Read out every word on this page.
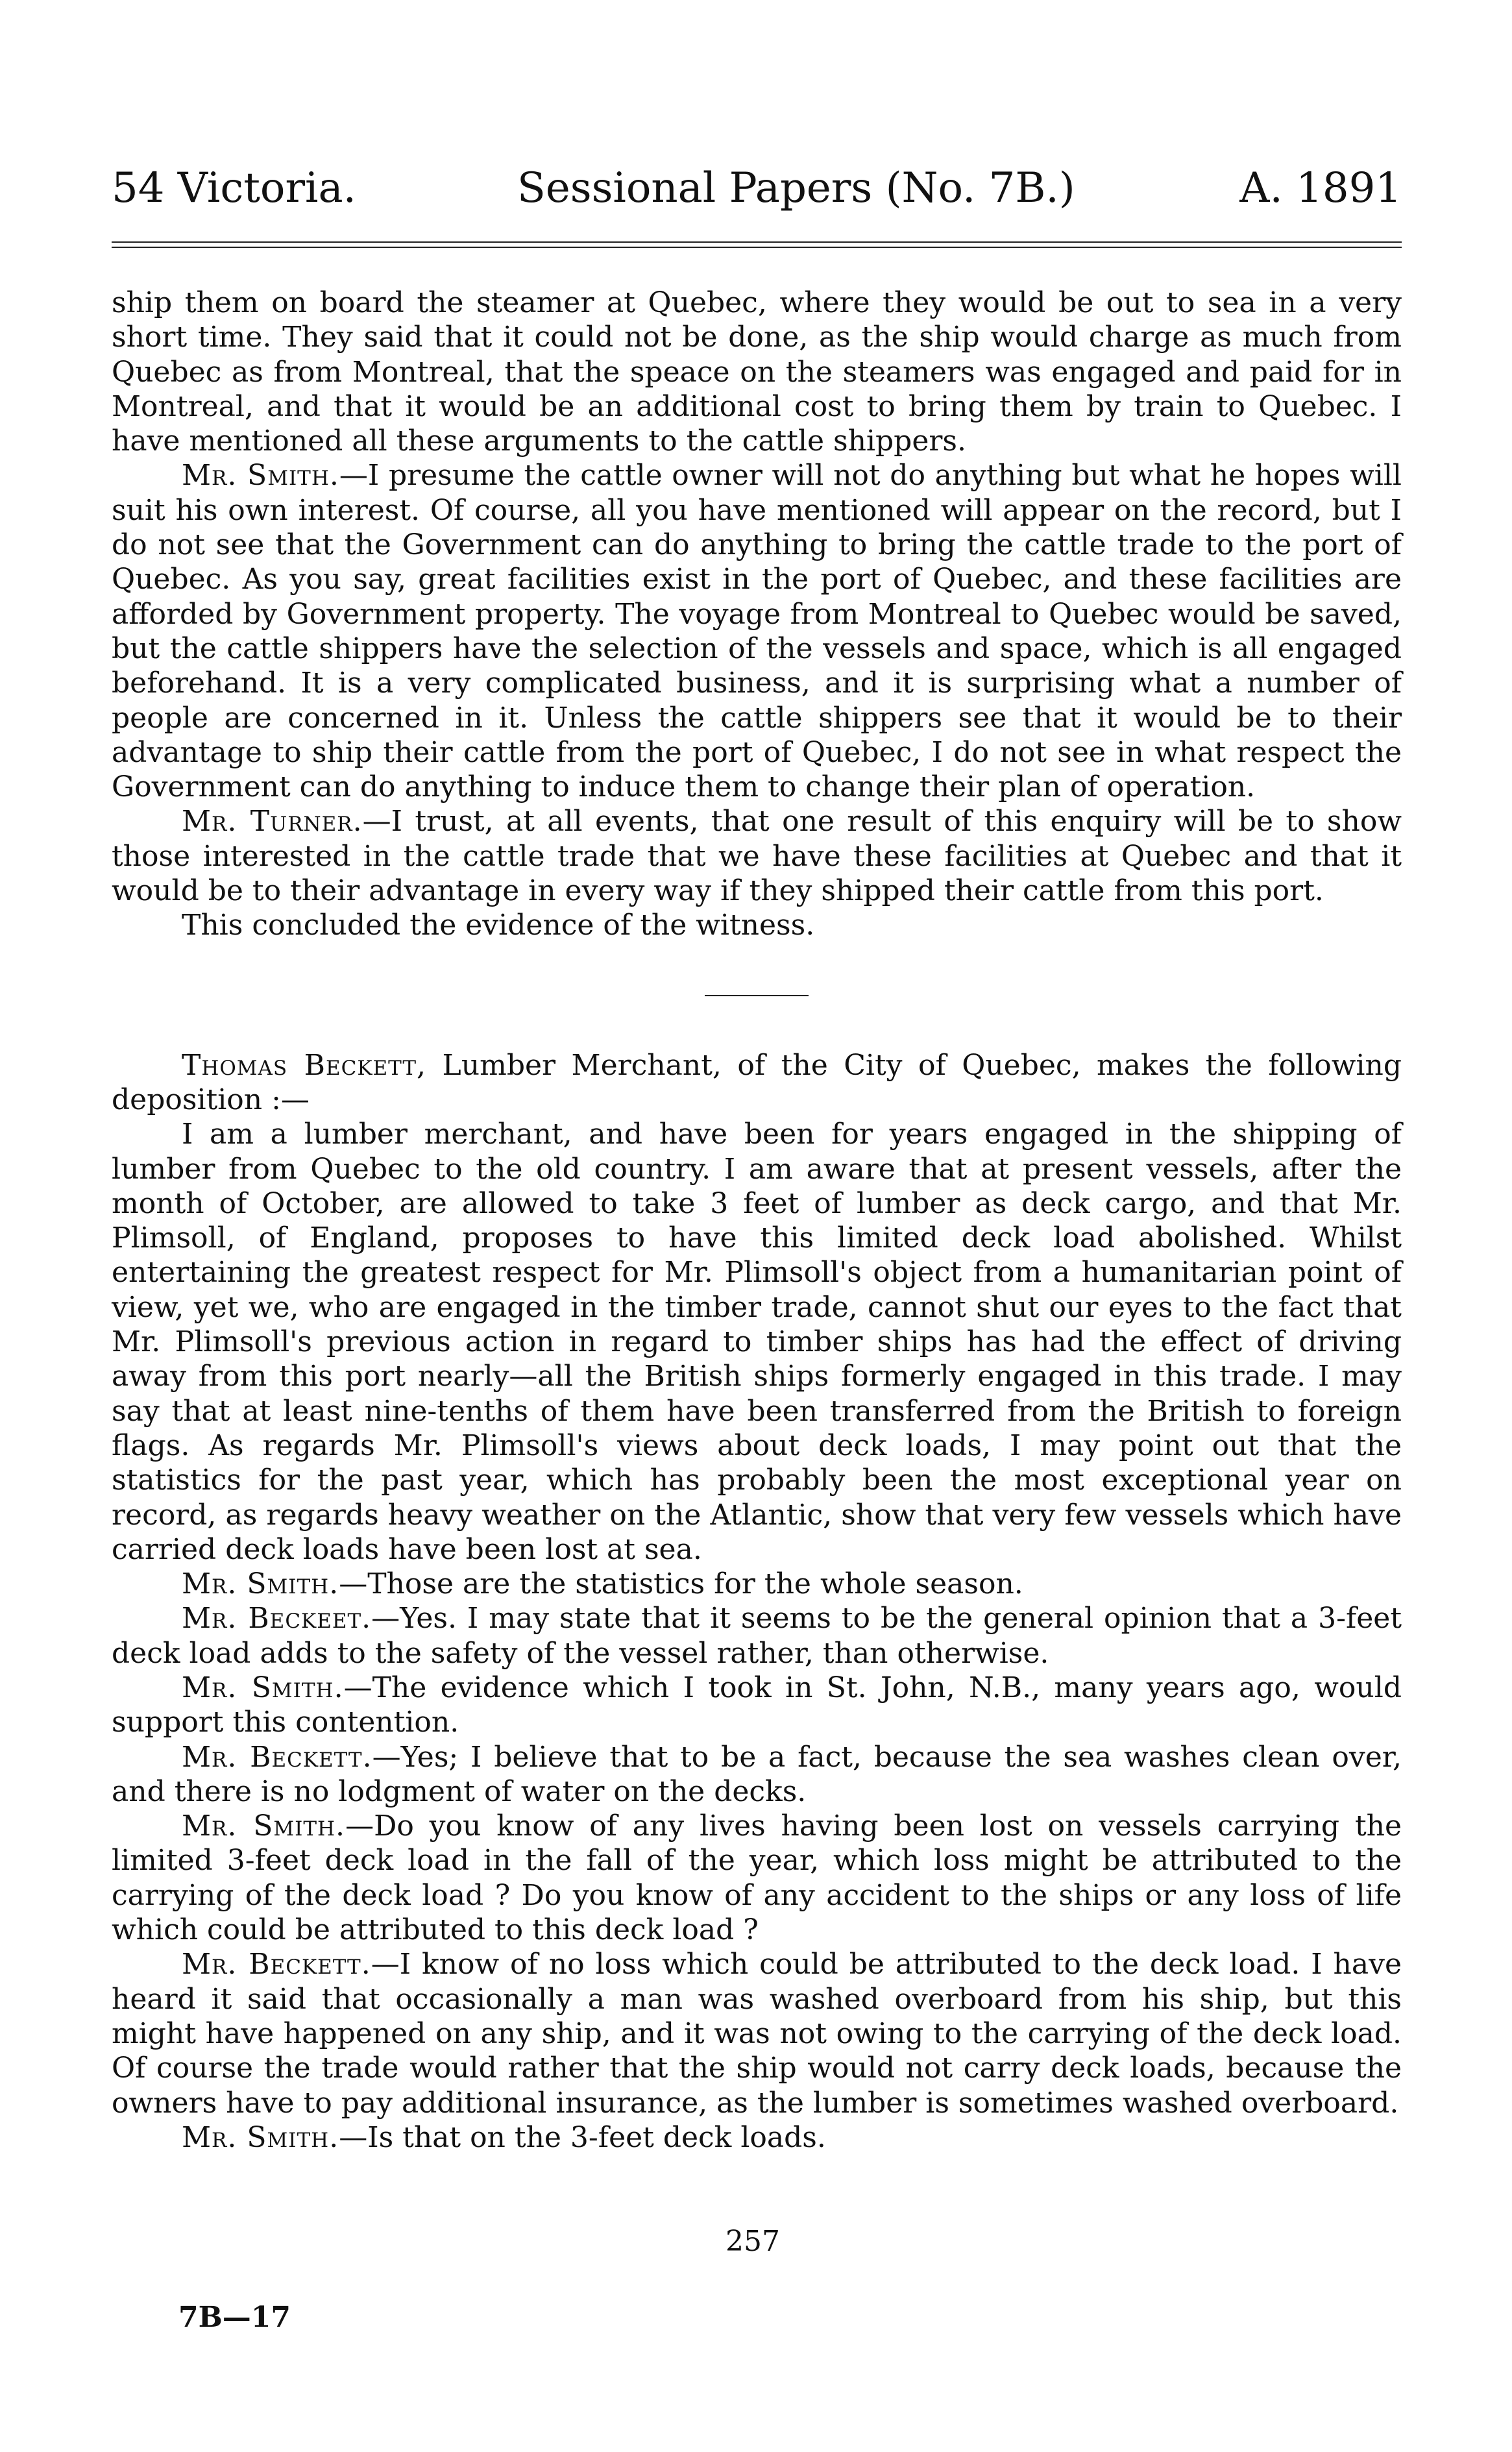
54 Victoria.	Sessional Papers (No. 7B.)	A. 1891

ship them on board the steamer at Quebec, where they would be out to sea in a very short time. They said that it could not be done, as the ship would charge as much from Quebec as from Montreal, that the speace on the steamers was engaged and paid for in Montreal, and that it would be an additional cost to bring them by train to Quebec. I have mentioned all these arguments to the cattle shippers.

Mr. Smith.—I presume the cattle owner will not do anything but what he hopes will suit his own interest. Of course, all you have mentioned will appear on the record, but I do not see that the Government can do anything to bring the cattle trade to the port of Quebec. As you say, great facilities exist in the port of Quebec, and these facilities are afforded by Government property. The voyage from Montreal to Quebec would be saved, but the cattle shippers have the selection of the vessels and space, which is all engaged beforehand. It is a very complicated business, and it is surprising what a number of people are concerned in it. Unless the cattle shippers see that it would be to their advantage to ship their cattle from the port of Quebec, I do not see in what respect the Government can do anything to induce them to change their plan of operation.

Mr. Turner.—I trust, at all events, that one result of this enquiry will be to show those interested in the cattle trade that we have these facilities at Quebec and that it would be to their advantage in every way if they shipped their cattle from this port.

This concluded the evidence of the witness.

Thomas Beckett, Lumber Merchant, of the City of Quebec, makes the following deposition :—

I am a lumber merchant, and have been for years engaged in the shipping of lumber from Quebec to the old country. I am aware that at present vessels, after the month of October, are allowed to take 3 feet of lumber as deck cargo, and that Mr. Plimsoll, of England, proposes to have this limited deck load abolished. Whilst entertaining the greatest respect for Mr. Plimsoll's object from a humanitarian point of view, yet we, who are engaged in the timber trade, cannot shut our eyes to the fact that Mr. Plimsoll's previous action in regard to timber ships has had the effect of driving away from this port nearly—all the British ships formerly engaged in this trade. I may say that at least nine-tenths of them have been transferred from the British to foreign flags. As regards Mr. Plimsoll's views about deck loads, I may point out that the statistics for the past year, which has probably been the most exceptional year on record, as regards heavy weather on the Atlantic, show that very few vessels which have carried deck loads have been lost at sea.

Mr. Smith.—Those are the statistics for the whole season.

Mr. Beckeet.—Yes. I may state that it seems to be the general opinion that a 3-feet deck load adds to the safety of the vessel rather, than otherwise.

Mr. Smith.—The evidence which I took in St. John, N.B., many years ago, would support this contention.

Mr. Beckett.—Yes; I believe that to be a fact, because the sea washes clean over, and there is no lodgment of water on the decks.

Mr. Smith.—Do you know of any lives having been lost on vessels carrying the limited 3-feet deck load in the fall of the year, which loss might be attributed to the carrying of the deck load ? Do you know of any accident to the ships or any loss of life which could be attributed to this deck load ?

Mr. Beckett.—I know of no loss which could be attributed to the deck load. I have heard it said that occasionally a man was washed overboard from his ship, but this might have happened on any ship, and it was not owing to the carrying of the deck load. Of course the trade would rather that the ship would not carry deck loads, because the owners have to pay additional insurance, as the lumber is sometimes washed overboard.

Mr. Smith.—Is that on the 3-feet deck loads.

257
7B—17
